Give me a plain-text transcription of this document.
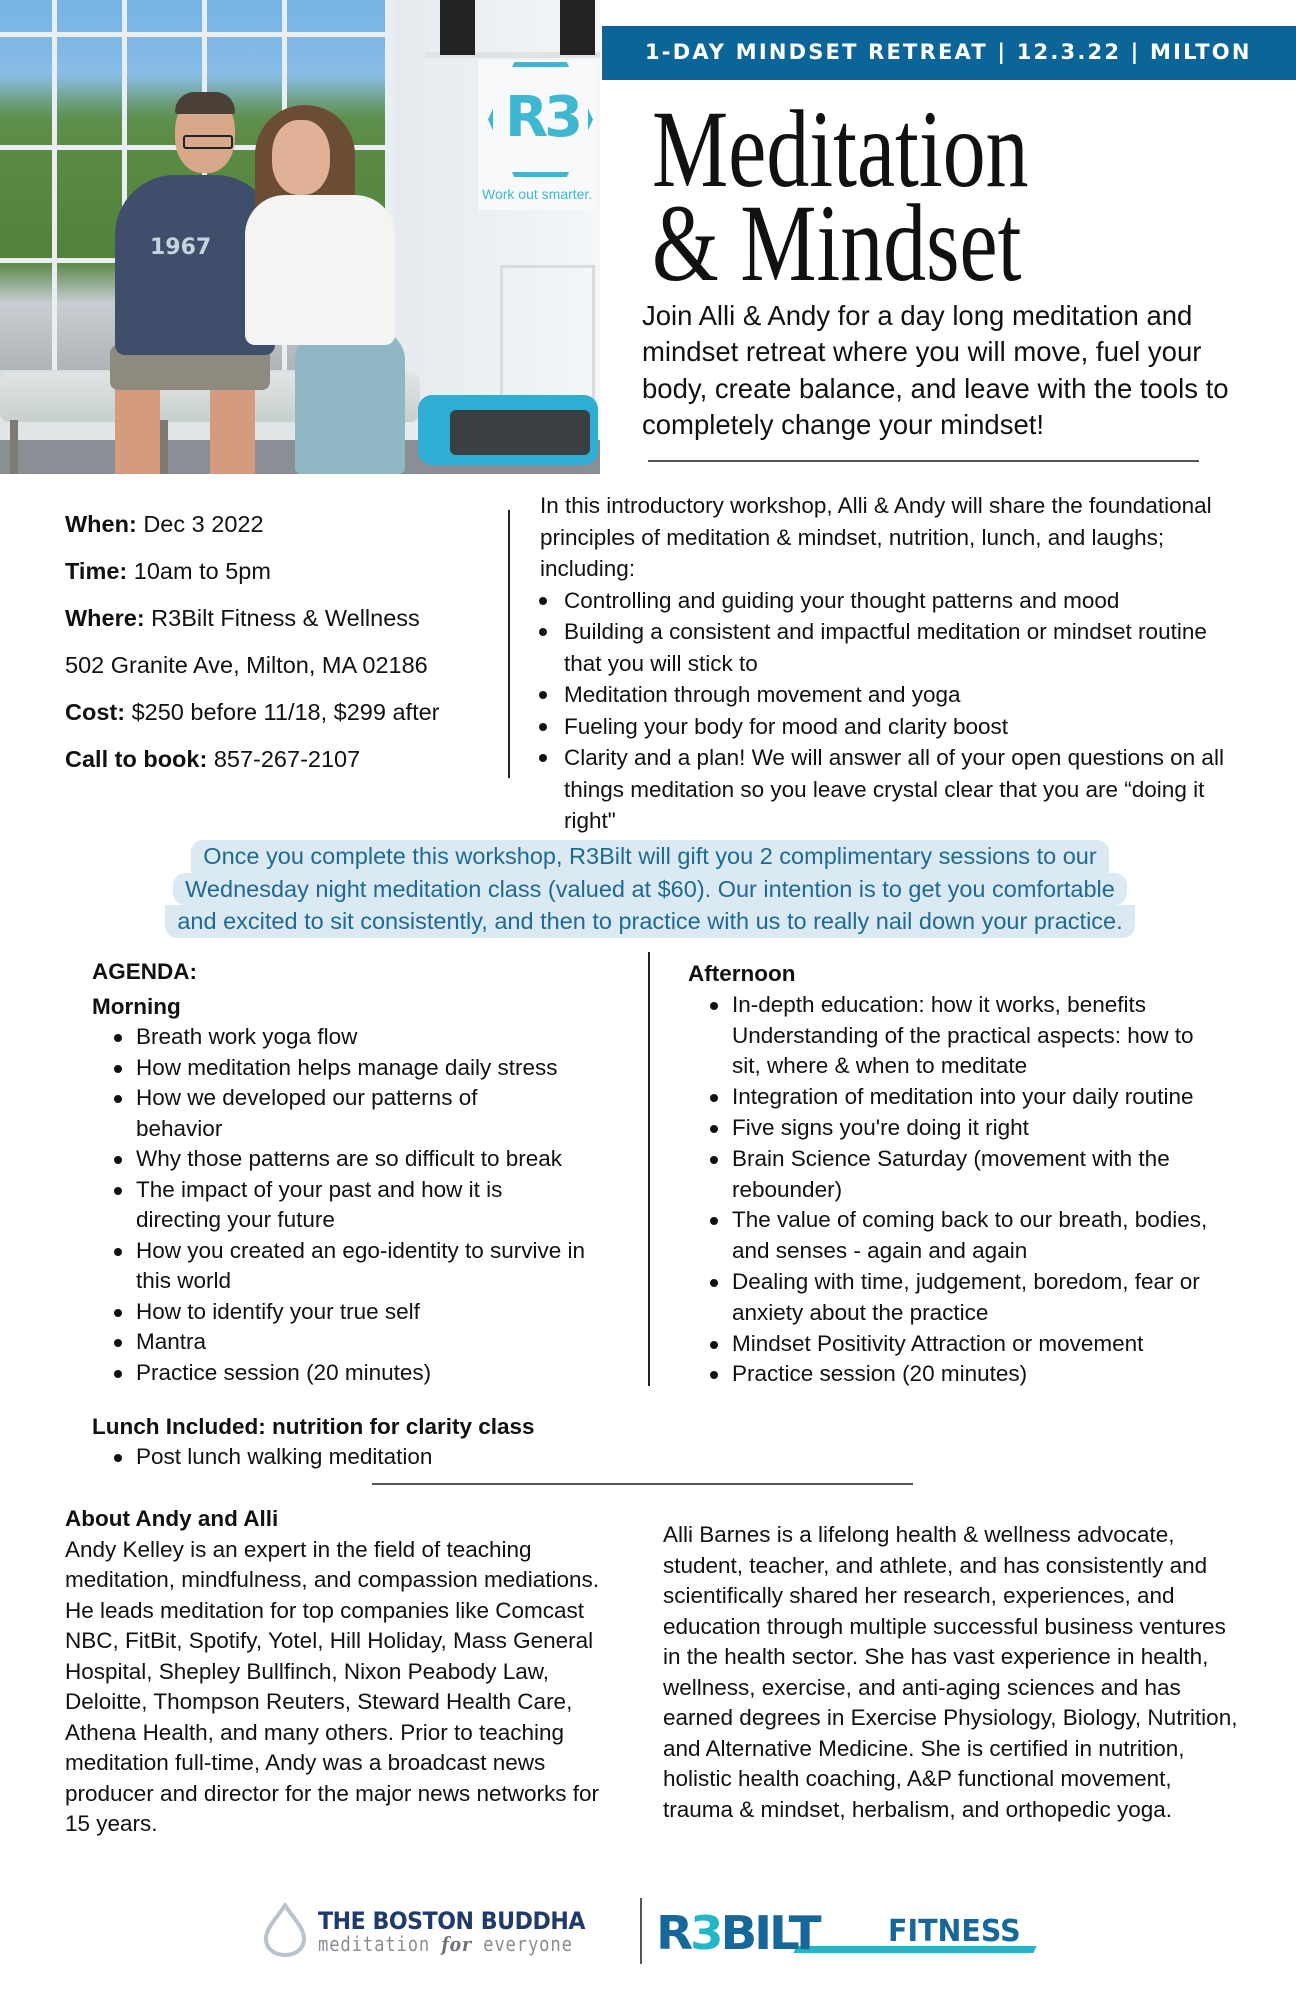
R3
Work out smarter.
1967
1-DAY MINDSET RETREAT | 12.3.22 | MILTON
Meditation
& Mindset
Join Alli & Andy for a day long meditation and mindset retreat where you will move, fuel your body, create balance, and leave with the tools to completely change your mindset!
When: Dec 3 2022
Time: 10am to 5pm
Where: R3Bilt Fitness & Wellness
502 Granite Ave, Milton, MA 02186
Cost: $250 before 11/18, $299 after
Call to book: 857-267-2107

In this introductory workshop, Alli & Andy will share the foundational principles of meditation & mindset, nutrition, lunch, and laughs; including:

Controlling and guiding your thought patterns and mood
Building a consistent and impactful meditation or mindset routine that you will stick to
Meditation through movement and yoga
Fueling your body for mood and clarity boost
Clarity and a plan! We will answer all of your open questions on all things meditation so you leave crystal clear that you are “doing it right"
Once you complete this workshop, R3Bilt will gift you 2 complimentary sessions to our
Wednesday night meditation class (valued at $60). Our intention is to get you comfortable
and excited to sit consistently, and then to practice with us to really nail down your practice.
AGENDA:
Morning
Breath work yoga flow
How meditation helps manage daily stress
How we developed our patterns of behavior
Why those patterns are so difficult to break
The impact of your past and how it is directing your future
How you created an ego-identity to survive in this world
How to identify your true self
Mantra
Practice session (20 minutes)
Lunch Included: nutrition for clarity class
Post lunch walking meditation
Afternoon
In-depth education: how it works, benefits Understanding of the practical aspects: how to sit, where & when to meditate
Integration of meditation into your daily routine
Five signs you're doing it right
Brain Science Saturday (movement with the rebounder)
The value of coming back to our breath, bodies, and senses - again and again
Dealing with time, judgement, boredom, fear or anxiety about the practice
Mindset Positivity Attraction or movement
Practice session (20 minutes)
About Andy and Alli
Andy Kelley is an expert in the field of teaching meditation, mindfulness, and compassion mediations. He leads meditation for top companies like Comcast NBC, FitBit, Spotify, Yotel, Hill Holiday, Mass General Hospital, Shepley Bullfinch, Nixon Peabody Law, Deloitte, Thompson Reuters, Steward Health Care, Athena Health, and many others. Prior to teaching meditation full-time, Andy was a broadcast news producer and director for the major news networks for 15 years.
Alli Barnes is a lifelong health & wellness advocate, student, teacher, and athlete, and has consistently and scientifically shared her research, experiences, and education through multiple successful business ventures in the health sector. She has vast experience in health, wellness, exercise, and anti-aging sciences and has earned degrees in Exercise Physiology, Biology, Nutrition, and Alternative Medicine. She is certified in nutrition, holistic health coaching, A&P functional movement, trauma & mindset, herbalism, and orthopedic yoga.
THE BOSTON BUDDHA
meditation for everyone R3BILT FITNESS
